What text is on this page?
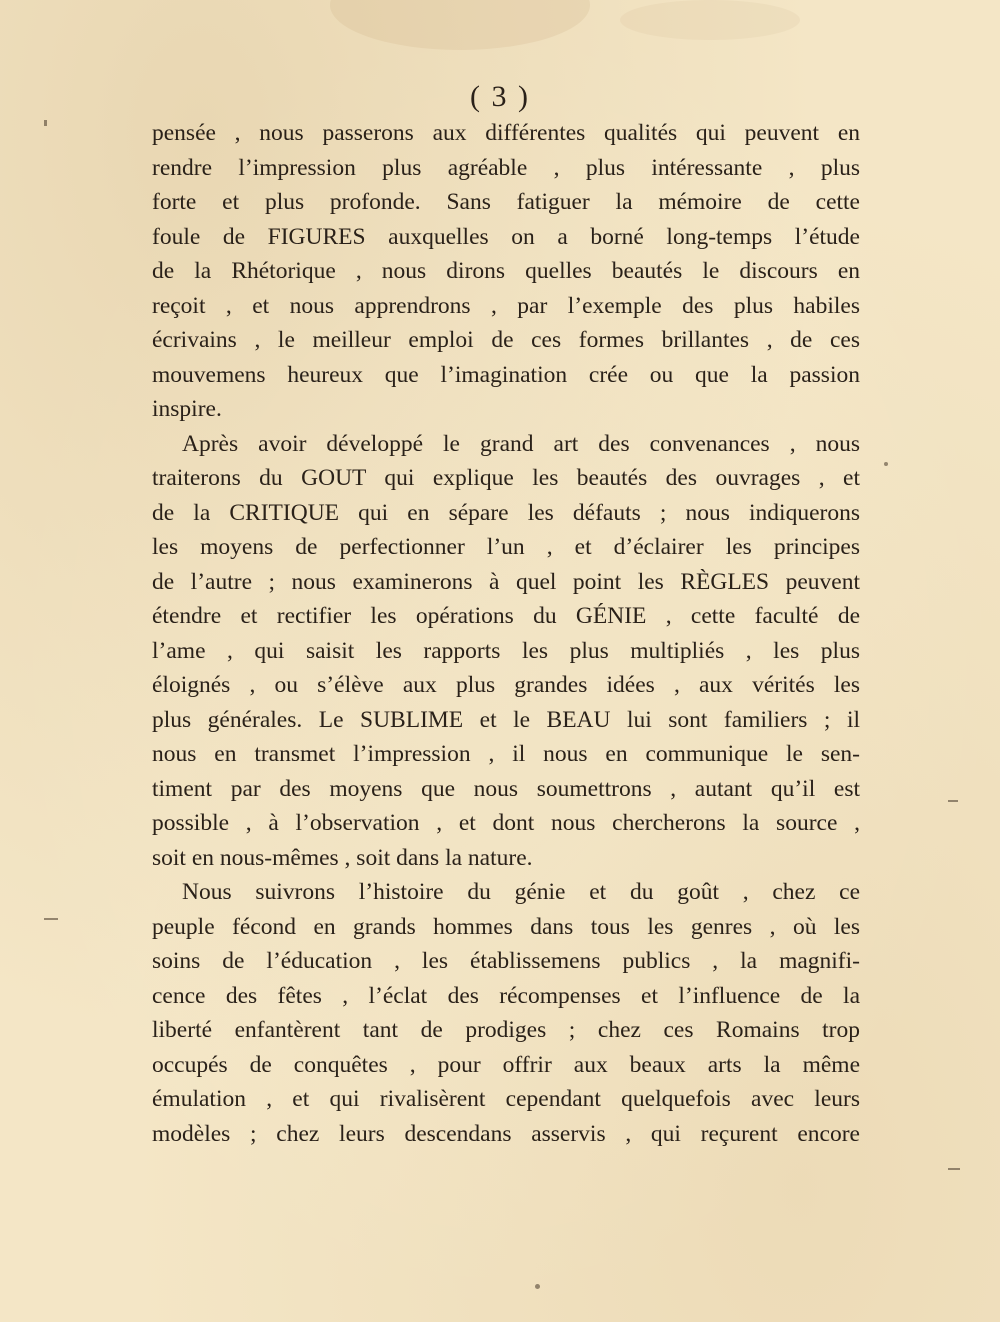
( 3 )
pensée , nous passerons aux différentes qualités qui peuvent en
rendre l’impression plus agréable , plus intéressante , plus
forte et plus profonde. Sans fatiguer la mémoire de cette
foule de FIGURES auxquelles on a borné long-temps l’étude
de la Rhétorique , nous dirons quelles beautés le discours en
reçoit , et nous apprendrons , par l’exemple des plus habiles
écrivains , le meilleur emploi de ces formes brillantes , de ces
mouvemens heureux que l’imagination crée ou que la passion
inspire.
Après avoir développé le grand art des convenances , nous
traiterons du GOUT qui explique les beautés des ouvrages , et
de la CRITIQUE qui en sépare les défauts ; nous indiquerons
les moyens de perfectionner l’un , et d’éclairer les principes
de l’autre ; nous examinerons à quel point les RÈGLES peuvent
étendre et rectifier les opérations du GÉNIE , cette faculté de
l’ame , qui saisit les rapports les plus multipliés , les plus
éloignés , ou s’élève aux plus grandes idées , aux vérités les
plus générales. Le SUBLIME et le BEAU lui sont familiers ; il
nous en transmet l’impression , il nous en communique le sen-
timent par des moyens que nous soumettrons , autant qu’il est
possible , à l’observation , et dont nous chercherons la source ,
soit en nous-mêmes , soit dans la nature.
Nous suivrons l’histoire du génie et du goût , chez ce
peuple fécond en grands hommes dans tous les genres , où les
soins de l’éducation , les établissemens publics , la magnifi-
cence des fêtes , l’éclat des récompenses et l’influence de la
liberté enfantèrent tant de prodiges ; chez ces Romains trop
occupés de conquêtes , pour offrir aux beaux arts la même
émulation , et qui rivalisèrent cependant quelquefois avec leurs
modèles ; chez leurs descendans asservis , qui reçurent encore
